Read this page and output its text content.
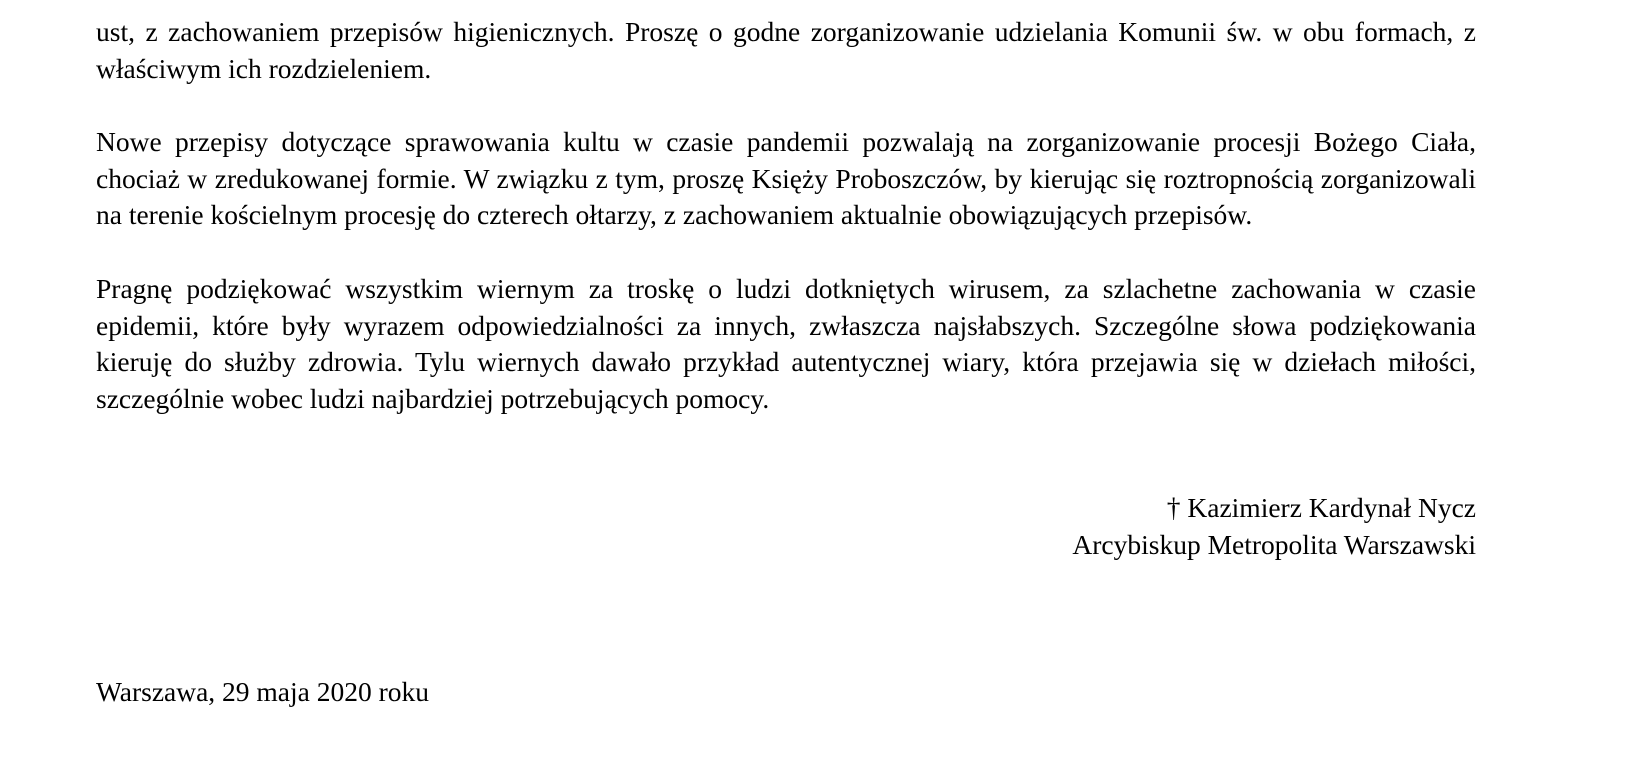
ust, z zachowaniem przepisów higienicznych. Proszę o godne zorganizowanie udzielania Komunii św. w obu formach, z właściwym ich rozdzieleniem.

Nowe przepisy dotyczące sprawowania kultu w czasie pandemii pozwalają na zorganizowanie procesji Bożego Ciała, chociaż w zredukowanej formie. W związku z tym, proszę Księży Proboszczów, by kierując się roztropnością zorganizowali na terenie kościelnym procesję do czterech ołtarzy, z zachowaniem aktualnie obowiązujących przepisów.

Pragnę podziękować wszystkim wiernym za troskę o ludzi dotkniętych wirusem, za szlachetne zachowania w czasie epidemii, które były wyrazem odpowiedzialności za innych, zwłaszcza najsłabszych. Szczególne słowa podziękowania kieruję do służby zdrowia. Tylu wiernych dawało przykład autentycznej wiary, która przejawia się w dziełach miłości, szczególnie wobec ludzi najbardziej potrzebujących pomocy.

† Kazimierz Kardynał Nycz
Arcybiskup Metropolita Warszawski
Warszawa, 29 maja 2020 roku
